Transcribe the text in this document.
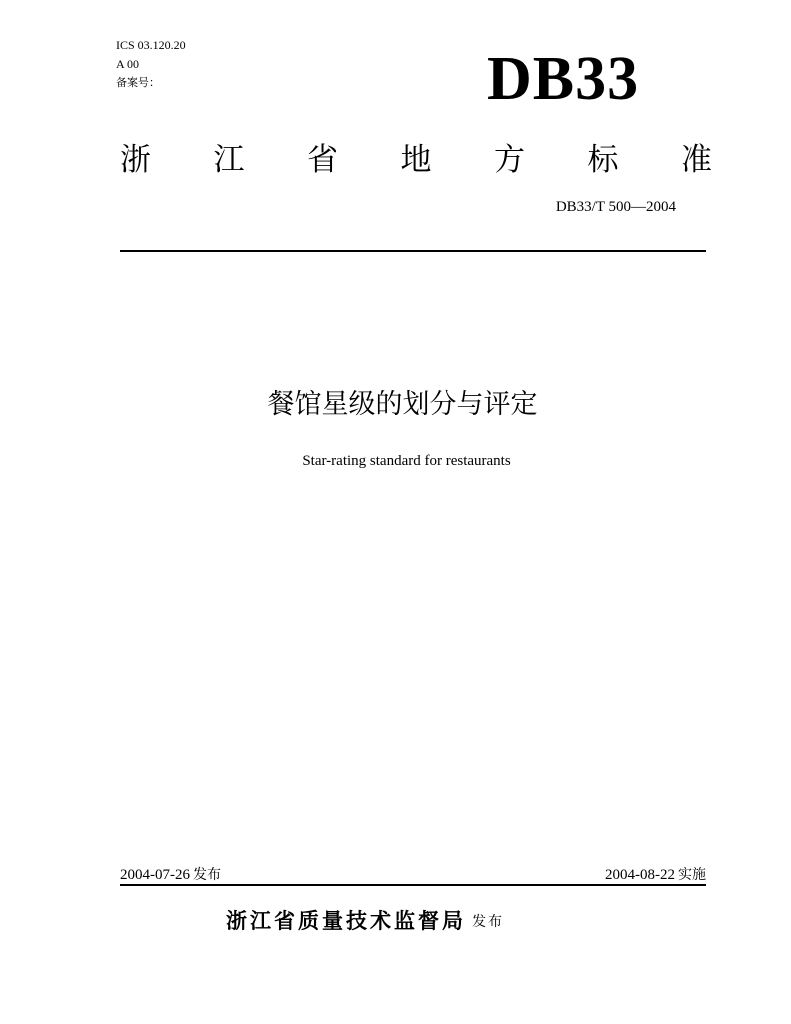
ICS 03.120.20
A 00
备案号：	DB33
浙 江 省 地 方 标 准
DB33/T 500—2004
餐馆星级的划分与评定
Star-rating standard for restaurants
2004-07-26 发布	2004-08-22 实施
浙江省质量技术监督局 发布
